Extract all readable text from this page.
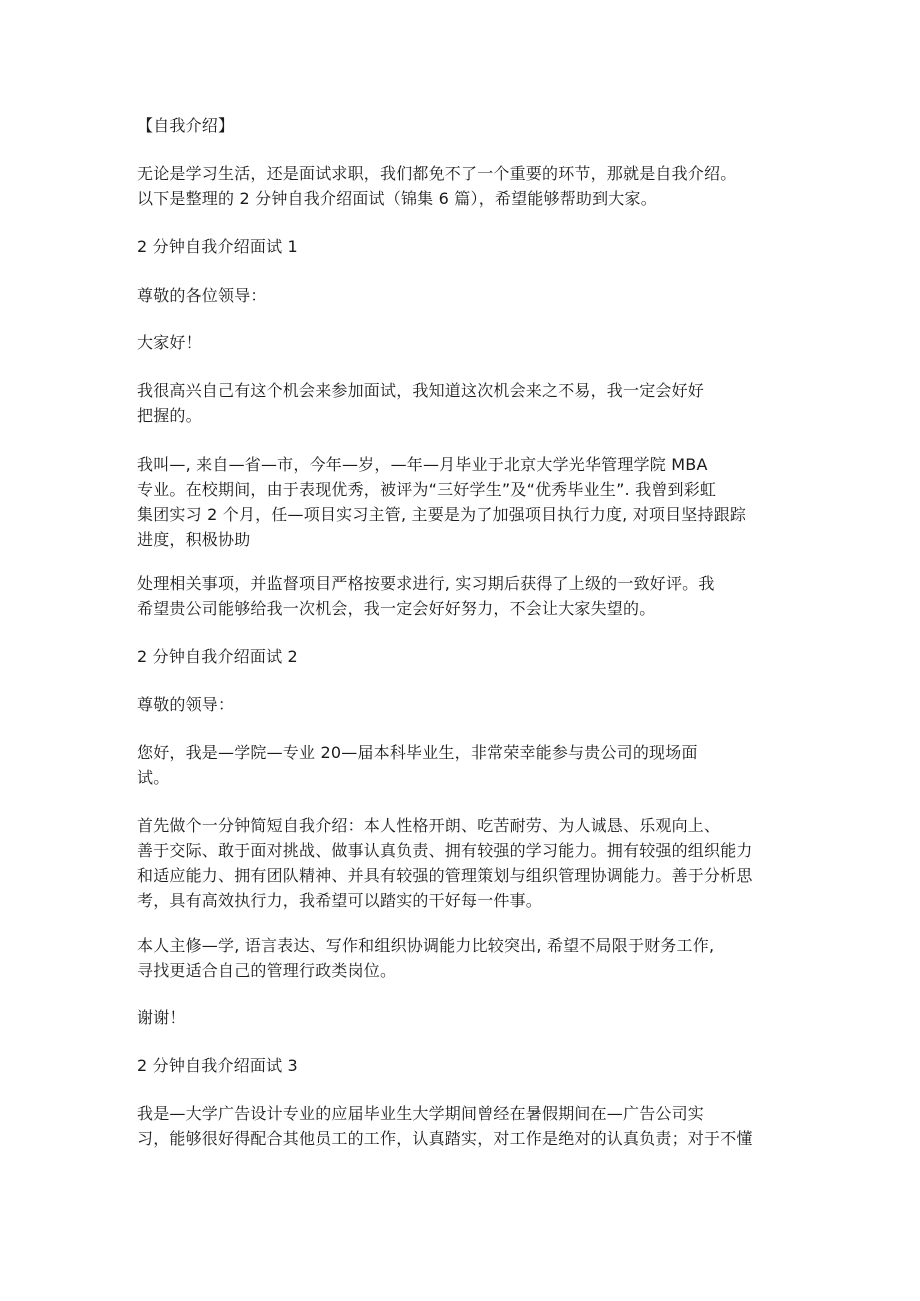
【自我介绍】
无论是学习生活，还是面试求职，我们都免不了一个重要的环节，那就是自我介绍。
以下是整理的 2 分钟自我介绍面试（锦集 6 篇），希望能够帮助到大家。
2 分钟自我介绍面试 1
尊敬的各位领导：
大家好！
我很高兴自己有这个机会来参加面试，我知道这次机会来之不易，我一定会好好
把握的。
我叫—, 来自—省—市，今年—岁，—年—月毕业于北京大学光华管理学院 MBA
专业。在校期间，由于表现优秀，被评为“三好学生”及“优秀毕业生”. 我曾到彩虹
集团实习 2 个月，任—项目实习主管, 主要是为了加强项目执行力度, 对项目坚持跟踪
进度，积极协助
处理相关事项，并监督项目严格按要求进行, 实习期后获得了上级的一致好评。我
希望贵公司能够给我一次机会，我一定会好好努力，不会让大家失望的。
2 分钟自我介绍面试 2
尊敬的领导：
您好，我是—学院—专业 20—届本科毕业生，非常荣幸能参与贵公司的现场面
试。
首先做个一分钟简短自我介绍：本人性格开朗、吃苦耐劳、为人诚恳、乐观向上、
善于交际、敢于面对挑战、做事认真负责、拥有较强的学习能力。拥有较强的组织能力
和适应能力、拥有团队精神、并具有较强的管理策划与组织管理协调能力。善于分析思
考，具有高效执行力，我希望可以踏实的干好每一件事。
本人主修—学, 语言表达、写作和组织协调能力比较突出, 希望不局限于财务工作,
寻找更适合自己的管理行政类岗位。
谢谢！
2 分钟自我介绍面试 3
我是—大学广告设计专业的应届毕业生大学期间曾经在暑假期间在—广告公司实
习，能够很好得配合其他员工的工作，认真踏实，对工作是绝对的认真负责；对于不懂
